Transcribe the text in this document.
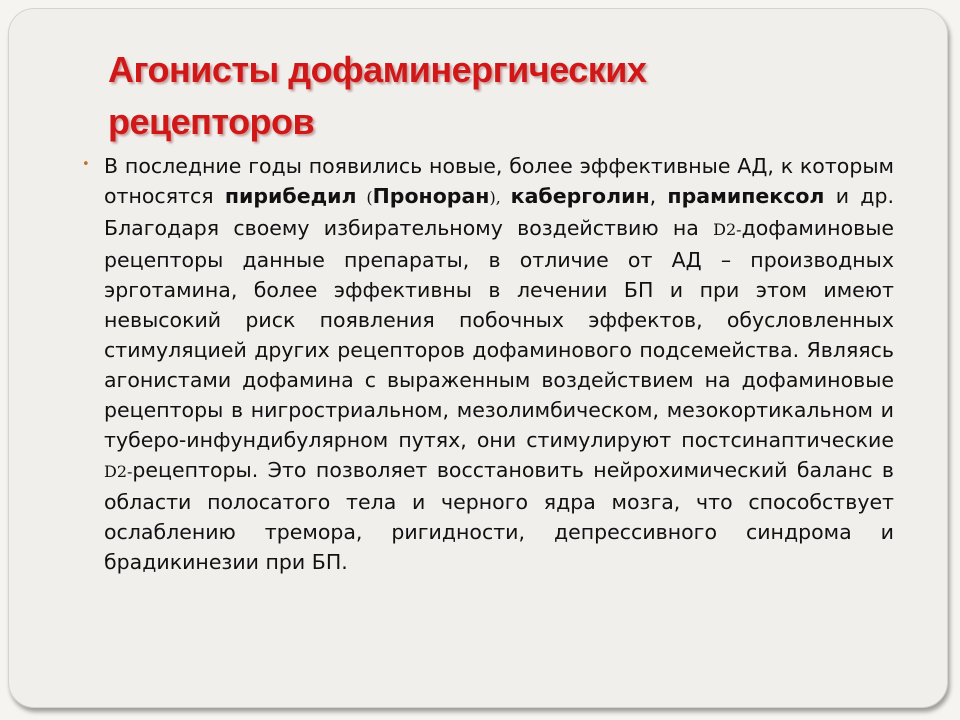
Агонисты дофаминергических
рецепторов
• В последние годы появились новые, более эффективные АД, к которым относятся пирибедил (Проноран), каберголин, прамипексол и др. Благодаря своему избирательному воздействию на D2-дофаминовые рецепторы данные препараты, в отличие от АД – производных эрготамина, более эффективны в лечении БП и при этом имеют невысокий риск появления побочных эффектов, обусловленных стимуляцией других рецепторов дофаминового подсемейства. Являясь агонистами дофамина с выраженным воздействием на дофаминовые рецепторы в нигростриальном, мезолимбическом, мезокортикальном и туберо-инфундибулярном путях, они стимулируют постсинаптические D2-рецепторы. Это позволяет восстановить нейрохимический баланс в области полосатого тела и черного ядра мозга, что способствует ослаблению тремора, ригидности, депрессивного синдрома и брадикинезии при БП.
